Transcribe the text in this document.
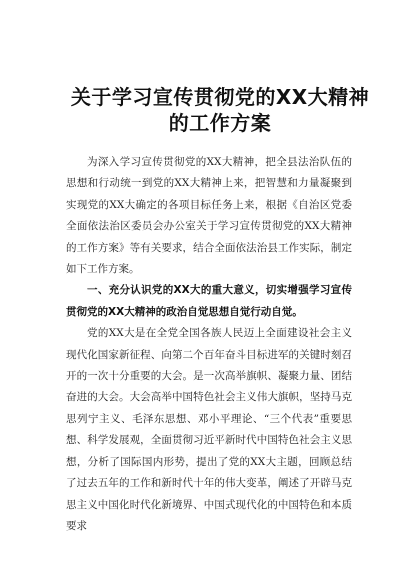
关于学习宣传贯彻党的XX大精神的工作方案

为深入学习宣传贯彻党的XX大精神，把全县法治队伍的思想和行动统一到党的XX大精神上来，把智慧和力量凝聚到实现党的XX大确定的各项目标任务上来，根据《自治区党委全面依法治区委员会办公室关于学习宣传贯彻党的XX大精神的工作方案》等有关要求，结合全面依法治县工作实际，制定如下工作方案。

一、充分认识党的XX大的重大意义，切实增强学习宣传贯彻党的XX大精神的政治自觉思想自觉行动自觉。

党的XX大是在全党全国各族人民迈上全面建设社会主义现代化国家新征程、向第二个百年奋斗目标进军的关键时刻召开的一次十分重要的大会。是一次高举旗帜、凝聚力量、团结奋进的大会。大会高举中国特色社会主义伟大旗帜，坚持马克思列宁主义、毛泽东思想、邓小平理论、“三个代表”重要思想、科学发展观，全面贯彻习近平新时代中国特色社会主义思想，分析了国际国内形势，提出了党的XX大主题，回顾总结了过去五年的工作和新时代十年的伟大变革，阐述了开辟马克思主义中国化时代化新境界、中国式现代化的中国特色和本质要求
